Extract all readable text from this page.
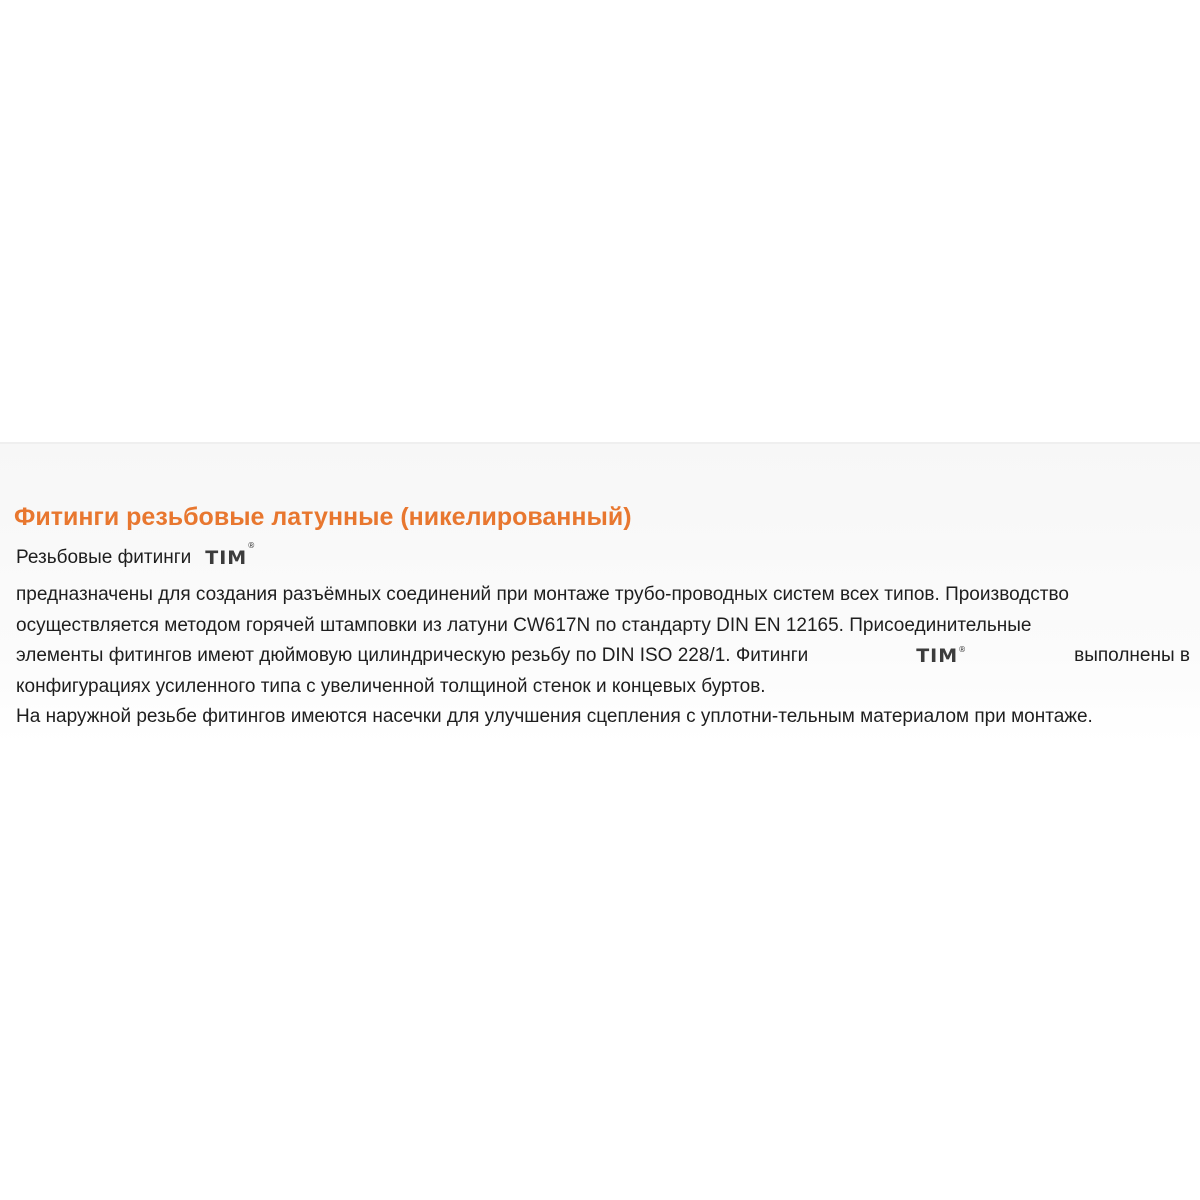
Фитинги резьбовые латунные (никелированный)
Резьбовые фитинги TIM
®
предназначены для создания разъёмных соединений при монтаже трубо-проводных систем всех типов. Производство
осуществляется методом горячей штамповки из латуни CW617N по стандарту DIN EN 12165. Присоединительные
элементы фитингов имеют дюймовую цилиндрическую резьбу по DIN ISO 228/1. Фитинги	TIM ®	выполнены в
конфигурациях усиленного типа с увеличенной толщиной стенок и концевых буртов.
На наружной резьбе фитингов имеются насечки для улучшения сцепления с уплотни-тельным материалом при монтаже.
